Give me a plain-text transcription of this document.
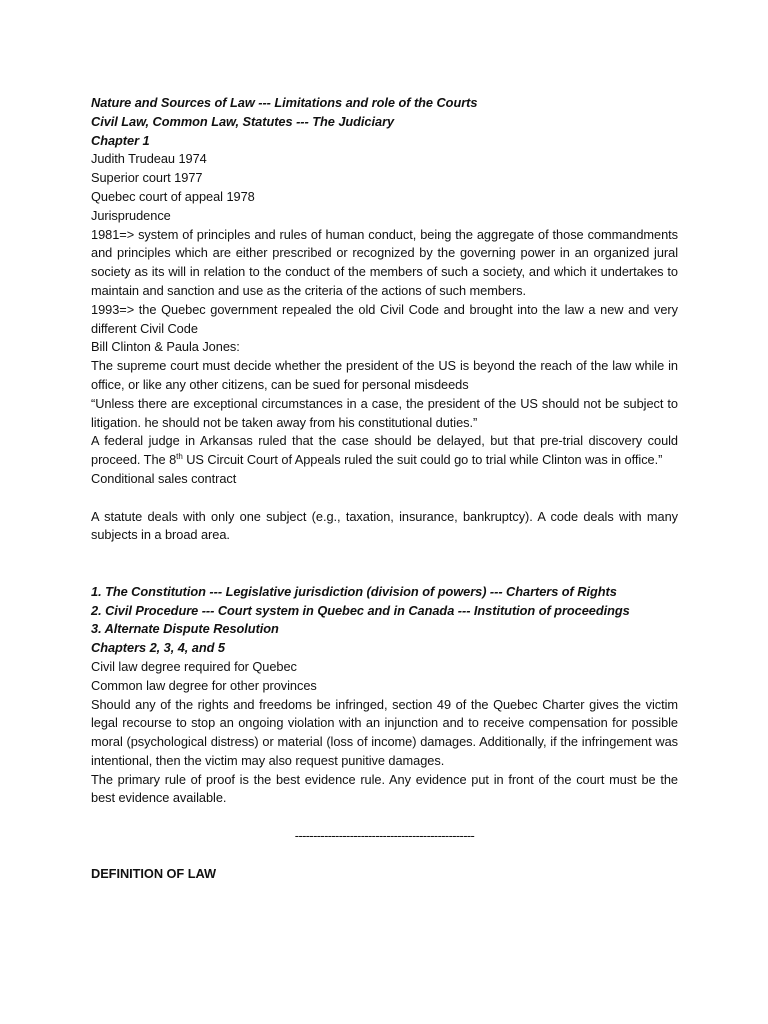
Nature and Sources of Law --- Limitations and role of the Courts
Civil Law, Common Law, Statutes --- The Judiciary
Chapter 1
Judith Trudeau 1974
Superior court 1977
Quebec court of appeal 1978
Jurisprudence
1981=> system of principles and rules of human conduct, being the aggregate of those commandments and principles which are either prescribed or recognized by the governing power in an organized jural society as its will in relation to the conduct of the members of such a society, and which it undertakes to maintain and sanction and use as the criteria of the actions of such members.
1993=> the Quebec government repealed the old Civil Code and brought into the law a new and very different Civil Code
Bill Clinton & Paula Jones:
The supreme court must decide whether the president of the US is beyond the reach of the law while in office, or like any other citizens, can be sued for personal misdeeds
“Unless there are exceptional circumstances in a case, the president of the US should not be subject to litigation. he should not be taken away from his constitutional duties.”
A federal judge in Arkansas ruled that the case should be delayed, but that pre-trial discovery could proceed. The 8th US Circuit Court of Appeals ruled the suit could go to trial while Clinton was in office.”
Conditional sales contract
A statute deals with only one subject (e.g., taxation, insurance, bankruptcy). A code deals with many subjects in a broad area.
1. The Constitution --- Legislative jurisdiction (division of powers) --- Charters of Rights
2. Civil Procedure --- Court system in Quebec and in Canada --- Institution of proceedings
3. Alternate Dispute Resolution
Chapters 2, 3, 4, and 5
Civil law degree required for Quebec
Common law degree for other provinces
Should any of the rights and freedoms be infringed, section 49 of the Quebec Charter gives the victim legal recourse to stop an ongoing violation with an injunction and to receive compensation for possible moral (psychological distress) or material (loss of income) damages. Additionally, if the infringement was intentional, then the victim may also request punitive damages.
The primary rule of proof is the best evidence rule. Any evidence put in front of the court must be the best evidence available.
-------------------------------------------------
DEFINITION OF LAW
